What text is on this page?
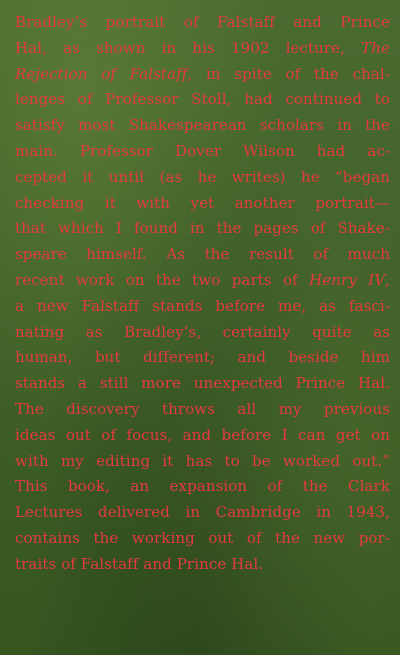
Bradley’s portrait of Falstaff and Prince
Hal, as shown in his 1902 lecture, The
Rejection of Falstaff, in spite of the chal-
lenges of Professor Stoll, had continued to
satisfy most Shakespearean scholars in the
main. Professor Dover Wilson had ac-
cepted it until (as he writes) he “began
checking it with yet another portrait—
that which I found in the pages of Shake-
speare himself. As the result of much
recent work on the two parts of Henry IV,
a new Falstaff stands before me, as fasci-
nating as Bradley’s, certainly quite as
human, but different; and beside him
stands a still more unexpected Prince Hal.
The discovery throws all my previous
ideas out of focus, and before I can get on
with my editing it has to be worked out.”
This book, an expansion of the Clark
Lectures delivered in Cambridge in 1943,
contains the working out of the new por-
traits of Falstaff and Prince Hal.
